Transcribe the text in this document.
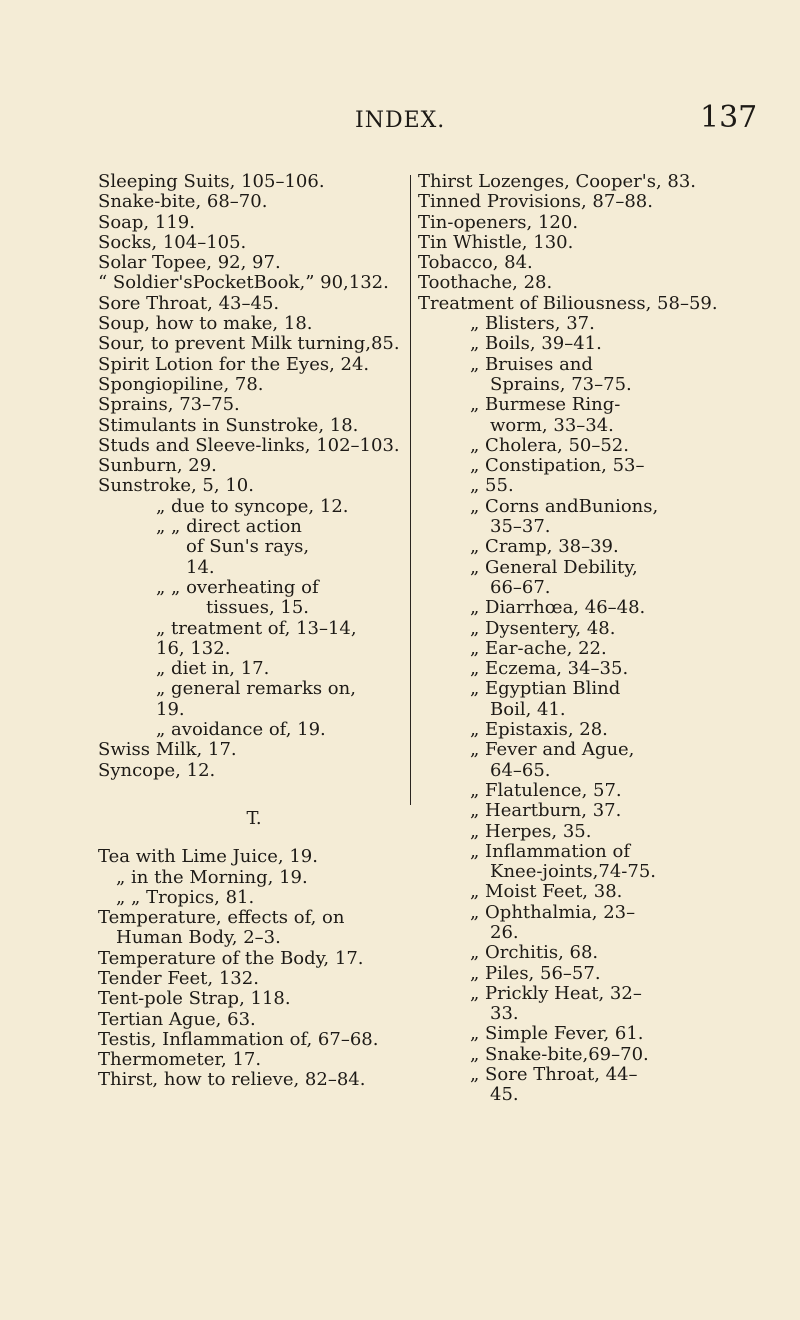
INDEX.	137
Sleeping Suits, 105–106.
Snake-bite, 68–70.
Soap, 119.
Socks, 104–105.
Solar Topee, 92, 97.
“ Soldier'sPocketBook,” 90,132.
Sore Throat, 43–45.
Soup, how to make, 18.
Sour, to prevent Milk turning,85.
Spirit Lotion for the Eyes, 24.
Spongiopiline, 78.
Sprains, 73–75.
Stimulants in Sunstroke, 18.
Studs and Sleeve-links, 102–103.
Sunburn, 29.
Sunstroke, 5, 10.
„ due to syncope, 12.
„ „ direct action
of Sun's rays,
14.
„ „ overheating of
tissues, 15.
„ treatment of, 13–14,
16, 132.
„ diet in, 17.
„ general remarks on,
19.
„ avoidance of, 19.
Swiss Milk, 17.
Syncope, 12.
T.
Tea with Lime Juice, 19.
„ in the Morning, 19.
„ „ Tropics, 81.
Temperature, effects of, on
Human Body, 2–3.
Temperature of the Body, 17.
Tender Feet, 132.
Tent-pole Strap, 118.
Tertian Ague, 63.
Testis, Inflammation of, 67–68.
Thermometer, 17.
Thirst, how to relieve, 82–84.
Thirst Lozenges, Cooper's, 83.
Tinned Provisions, 87–88.
Tin-openers, 120.
Tin Whistle, 130.
Tobacco, 84.
Toothache, 28.
Treatment of Biliousness, 58–59.
„ Blisters, 37.
„ Boils, 39–41.
„ Bruises and
Sprains, 73–75.
„ Burmese Ring-
worm, 33–34.
„ Cholera, 50–52.
„ Constipation, 53–
„ 55.
„ Corns andBunions,
35–37.
„ Cramp, 38–39.
„ General Debility,
66–67.
„ Diarrhœa, 46–48.
„ Dysentery, 48.
„ Ear-ache, 22.
„ Eczema, 34–35.
„ Egyptian Blind
Boil, 41.
„ Epistaxis, 28.
„ Fever and Ague,
64–65.
„ Flatulence, 57.
„ Heartburn, 37.
„ Herpes, 35.
„ Inflammation of
Knee-joints,74-75.
„ Moist Feet, 38.
„ Ophthalmia, 23–
26.
„ Orchitis, 68.
„ Piles, 56–57.
„ Prickly Heat, 32–
33.
„ Simple Fever, 61.
„ Snake-bite,69–70.
„ Sore Throat, 44–
45.
